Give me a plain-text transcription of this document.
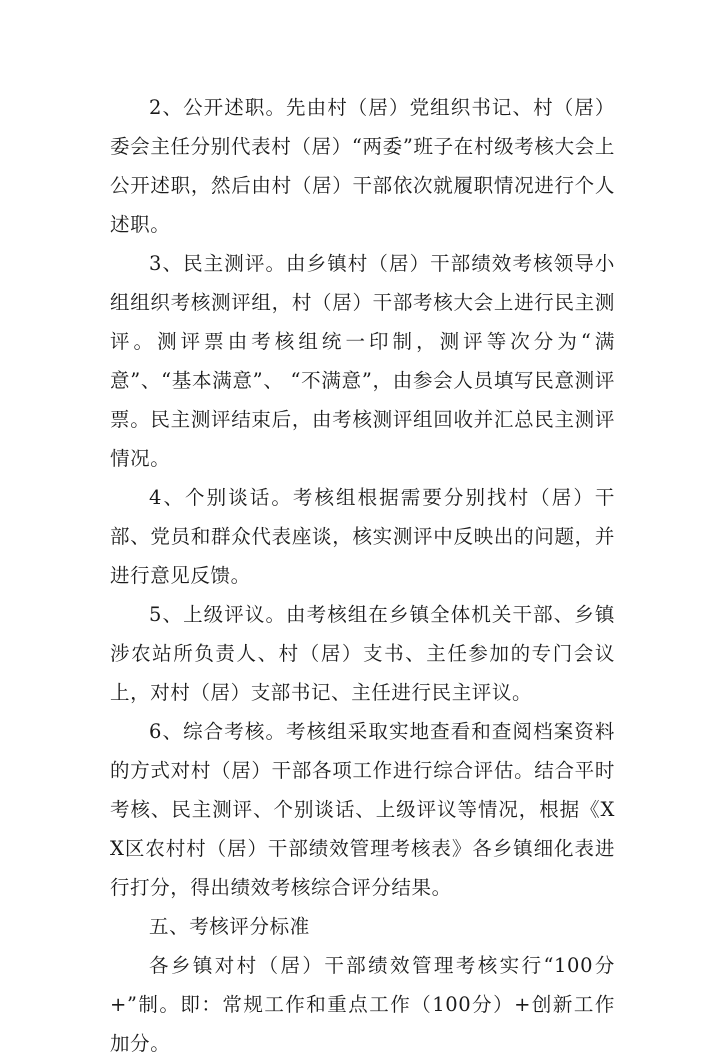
2、公开述职。先由村（居）党组织书记、村（居）委会主任分别代表村（居）“两委”班子在村级考核大会上公开述职，然后由村（居）干部依次就履职情况进行个人述职。

3、民主测评。由乡镇村（居）干部绩效考核领导小组组织考核测评组，村（居）干部考核大会上进行民主测评。测评票由考核组统一印制，测评等次分为“满意”、“基本满意”、 “不满意”，由参会人员填写民意测评票。民主测评结束后，由考核测评组回收并汇总民主测评情况。

4、个别谈话。考核组根据需要分别找村（居）干部、党员和群众代表座谈，核实测评中反映出的问题，并进行意见反馈。

5、上级评议。由考核组在乡镇全体机关干部、乡镇涉农站所负责人、村（居）支书、主任参加的专门会议上，对村（居）支部书记、主任进行民主评议。

6、综合考核。考核组采取实地查看和查阅档案资料的方式对村（居）干部各项工作进行综合评估。结合平时考核、民主测评、个别谈话、上级评议等情况，根据《XX区农村村（居）干部绩效管理考核表》各乡镇细化表进行打分，得出绩效考核综合评分结果。

五、考核评分标准

各乡镇对村（居）干部绩效管理考核实行“100分+”制。即：常规工作和重点工作（100分）+创新工作加分。
